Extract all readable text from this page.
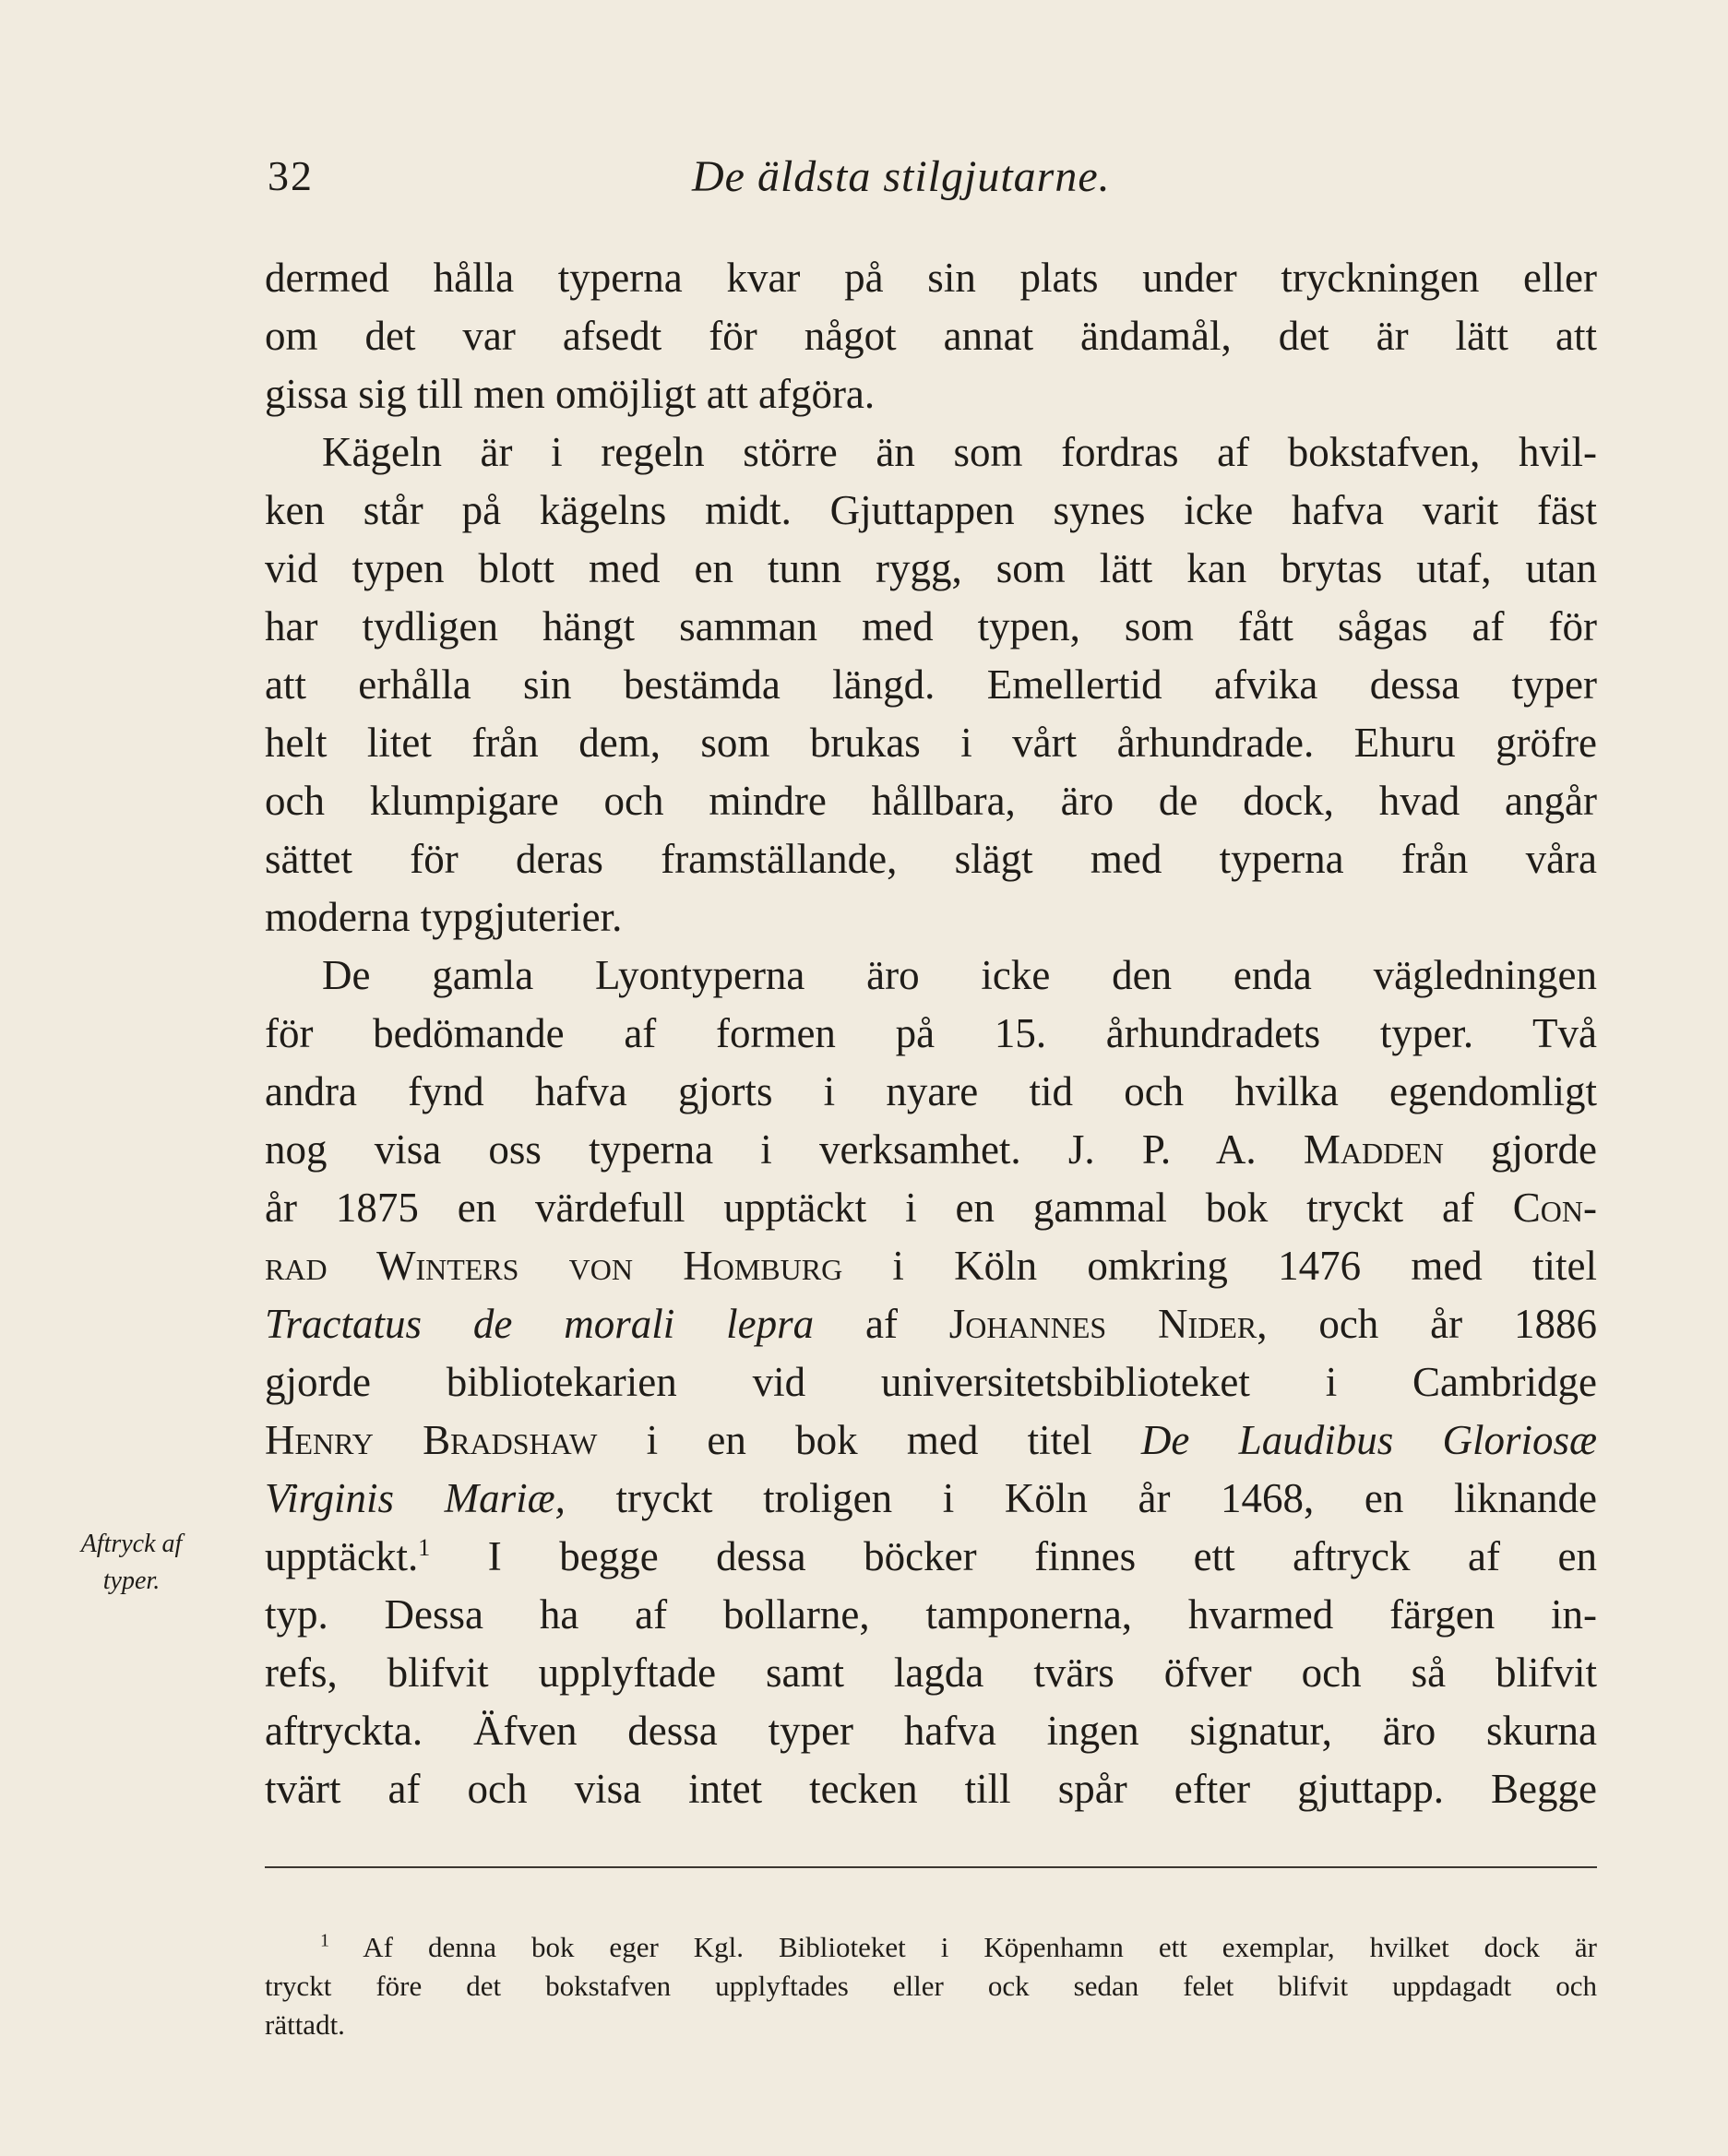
32	De äldsta stilgjutarne.
dermed hålla typerna kvar på sin plats under tryckningen eller
om det var afsedt för något annat ändamål, det är lätt att
gissa sig till men omöjligt att afgöra.
Kägeln är i regeln större än som fordras af bokstafven, hvil-
ken står på kägelns midt. Gjuttappen synes icke hafva varit fäst
vid typen blott med en tunn rygg, som lätt kan brytas utaf, utan
har tydligen hängt samman med typen, som fått sågas af för
att erhålla sin bestämda längd. Emellertid afvika dessa typer
helt litet från dem, som brukas i vårt århundrade. Ehuru gröfre
och klumpigare och mindre hållbara, äro de dock, hvad angår
sättet för deras framställande, slägt med typerna från våra
moderna typgjuterier.
De gamla Lyontyperna äro icke den enda vägledningen
för bedömande af formen på 15. århundradets typer. Två
andra fynd hafva gjorts i nyare tid och hvilka egendomligt
nog visa oss typerna i verksamhet. J. P. A. Madden gjorde
år 1875 en värdefull upptäckt i en gammal bok tryckt af Con-
rad Winters von Homburg i Köln omkring 1476 med titel
Tractatus de morali lepra af Johannes Nider, och år 1886
gjorde bibliotekarien vid universitetsbiblioteket i Cambridge
Henry Bradshaw i en bok med titel De Laudibus Gloriosæ
Virginis Mariæ, tryckt troligen i Köln år 1468, en liknande
upptäckt.$^1$ I begge dessa böcker finnes ett aftryck af en
typ. Dessa ha af bollarne, tamponerna, hvarmed färgen in-
refs, blifvit upplyftade samt lagda tvärs öfver och så blifvit
aftryckta. Äfven dessa typer hafva ingen signatur, äro skurna
tvärt af och visa intet tecken till spår efter gjuttapp. Begge
Aftryck af
typer.
$^1$ Af denna bok eger Kgl. Biblioteket i Köpenhamn ett exemplar, hvilket dock är
tryckt före det bokstafven upplyftades eller ock sedan felet blifvit uppdagadt och
rättadt.
